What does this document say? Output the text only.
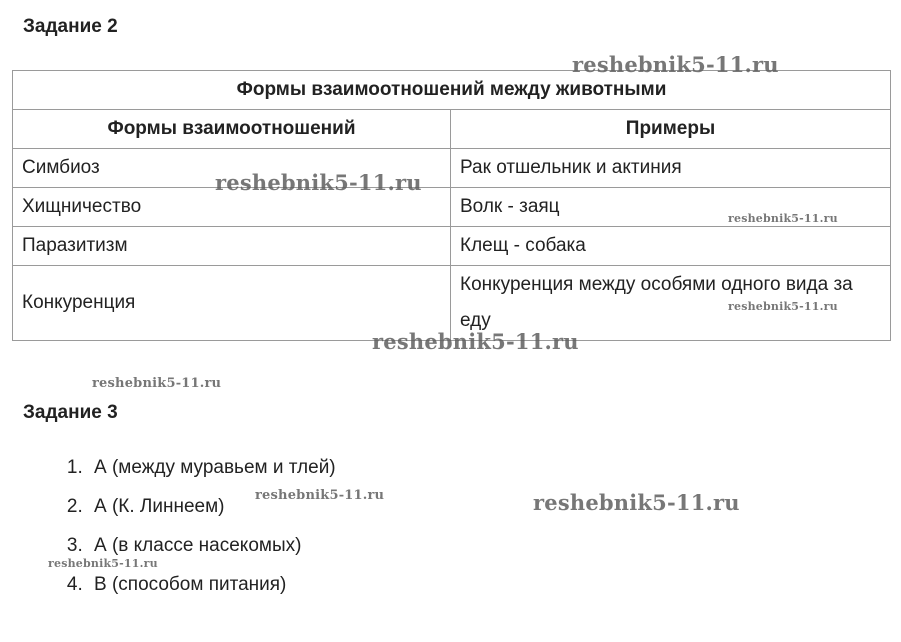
Задание 2
Формы взаимоотношений между животными	
Формы взаимоотношений	Примеры
Симбиоз	Рак отшельник и актиния
Хищничество	Волк - заяц
Паразитизм	Клещ - собака
Конкуренция	Конкуренция между особями одного вида за еду
Задание 3
1. А (между муравьем и тлей)
2. А (К. Линнеем)
3. А (в классе насекомых)
4. В (способом питания)
reshebnik5-11.ru
reshebnik5-11.ru
reshebnik5-11.ru
reshebnik5-11.ru
reshebnik5-11.ru
reshebnik5-11.ru
reshebnik5-11.ru	reshebnik5-11.ru
reshebnik5-11.ru
